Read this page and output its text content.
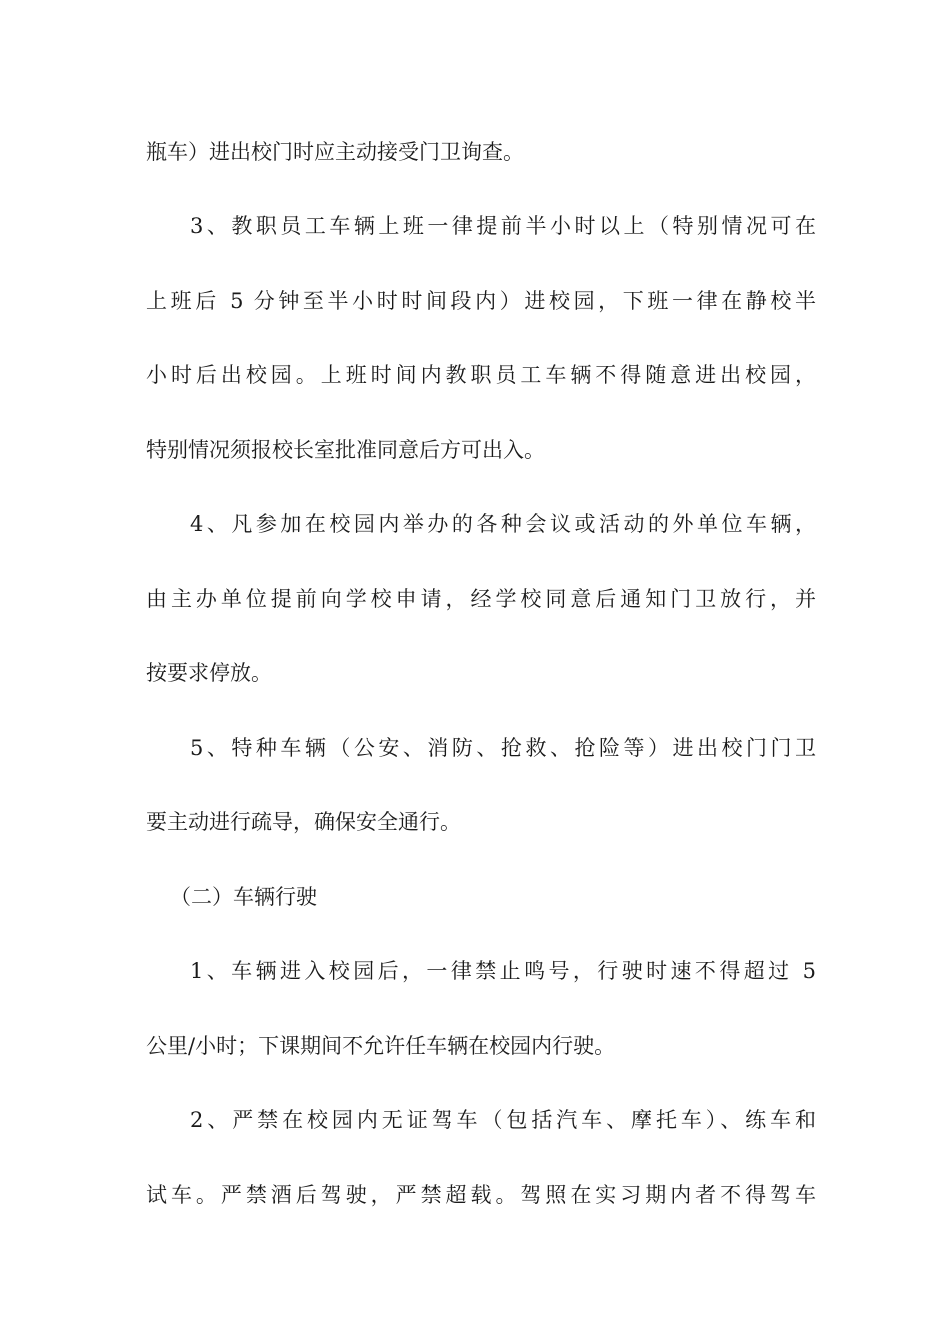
瓶车）进出校门时应主动接受门卫询查。
3、教职员工车辆上班一律提前半小时以上（特别情况可在
上班后 5 分钟至半小时时间段内）进校园，下班一律在静校半
小时后出校园。上班时间内教职员工车辆不得随意进出校园，
特别情况须报校长室批准同意后方可出入。
4、凡参加在校园内举办的各种会议或活动的外单位车辆，
由主办单位提前向学校申请，经学校同意后通知门卫放行，并
按要求停放。
5、特种车辆（公安、消防、抢救、抢险等）进出校门门卫
要主动进行疏导，确保安全通行。
（二）车辆行驶
1、车辆进入校园后，一律禁止鸣号，行驶时速不得超过 5
公里/小时；下课期间不允许任车辆在校园内行驶。
2、严禁在校园内无证驾车（包括汽车、摩托车）、练车和
试车。严禁酒后驾驶，严禁超载。驾照在实习期内者不得驾车
